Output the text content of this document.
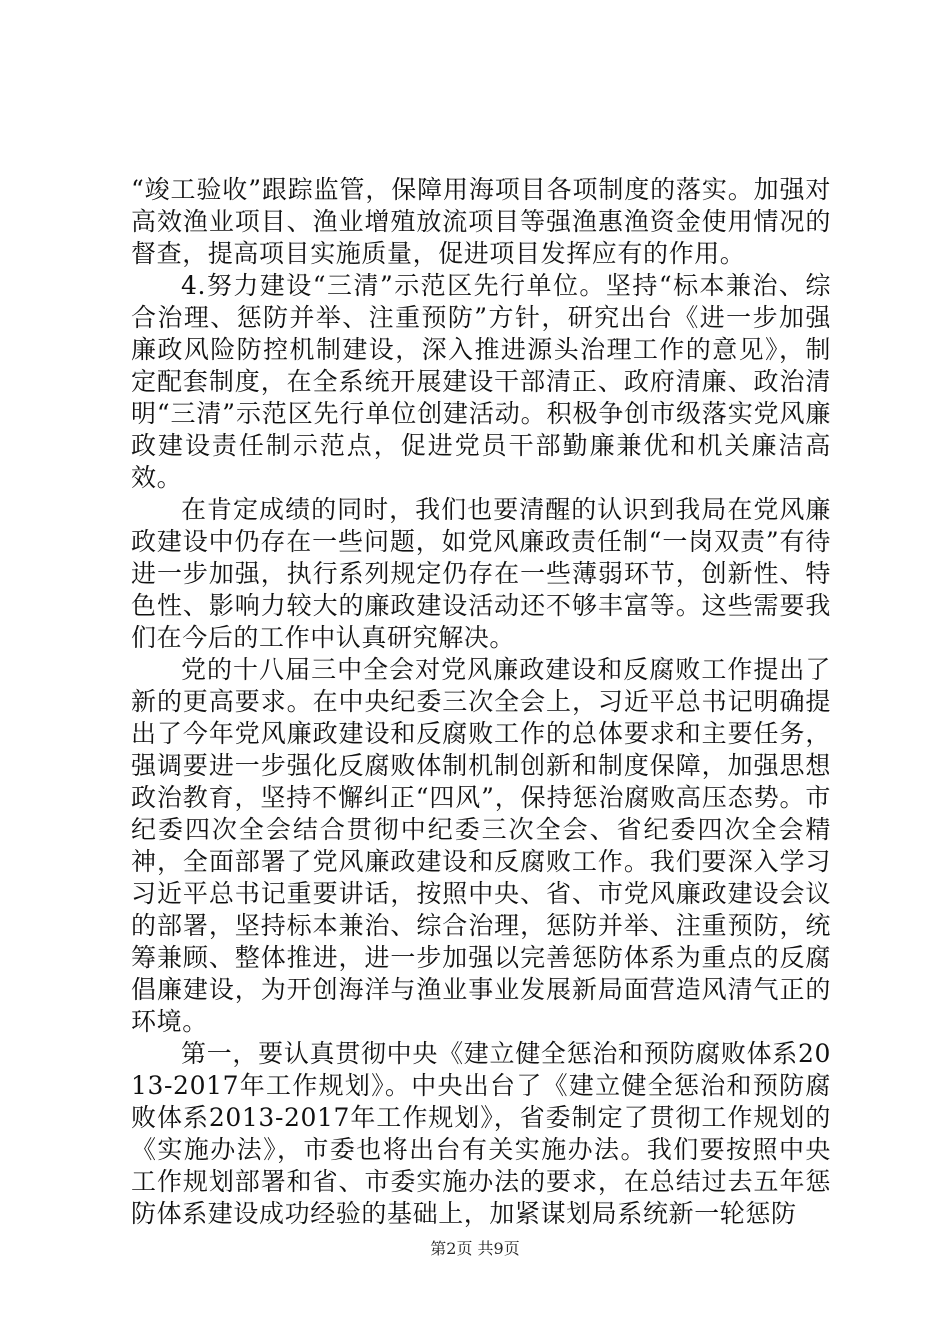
“竣工验收”跟踪监管，保障用海项目各项制度的落实。加强对高效渔业项目、渔业增殖放流项目等强渔惠渔资金使用情况的督查，提高项目实施质量，促进项目发挥应有的作用。

4.努力建设“三清”示范区先行单位。坚持“标本兼治、综合治理、惩防并举、注重预防”方针，研究出台《进一步加强廉政风险防控机制建设，深入推进源头治理工作的意见》，制定配套制度，在全系统开展建设干部清正、政府清廉、政治清明“三清”示范区先行单位创建活动。积极争创市级落实党风廉政建设责任制示范点，促进党员干部勤廉兼优和机关廉洁高效。

在肯定成绩的同时，我们也要清醒的认识到我局在党风廉政建设中仍存在一些问题，如党风廉政责任制“一岗双责”有待进一步加强，执行系列规定仍存在一些薄弱环节，创新性、特色性、影响力较大的廉政建设活动还不够丰富等。这些需要我们在今后的工作中认真研究解决。

党的十八届三中全会对党风廉政建设和反腐败工作提出了新的更高要求。在中央纪委三次全会上，习近平总书记明确提出了今年党风廉政建设和反腐败工作的总体要求和主要任务，强调要进一步强化反腐败体制机制创新和制度保障，加强思想政治教育，坚持不懈纠正“四风”，保持惩治腐败高压态势。市纪委四次全会结合贯彻中纪委三次全会、省纪委四次全会精神，全面部署了党风廉政建设和反腐败工作。我们要深入学习习近平总书记重要讲话，按照中央、省、市党风廉政建设会议的部署，坚持标本兼治、综合治理，惩防并举、注重预防，统筹兼顾、整体推进，进一步加强以完善惩防体系为重点的反腐倡廉建设，为开创海洋与渔业事业发展新局面营造风清气正的环境。

第一，要认真贯彻中央《建立健全惩治和预防腐败体系2013-2017年工作规划》。中央出台了《建立健全惩治和预防腐败体系2013-2017年工作规划》，省委制定了贯彻工作规划的《实施办法》，市委也将出台有关实施办法。我们要按照中央工作规划部署和省、市委实施办法的要求，在总结过去五年惩防体系建设成功经验的基础上，加紧谋划局系统新一轮惩防

第2页 共9页
